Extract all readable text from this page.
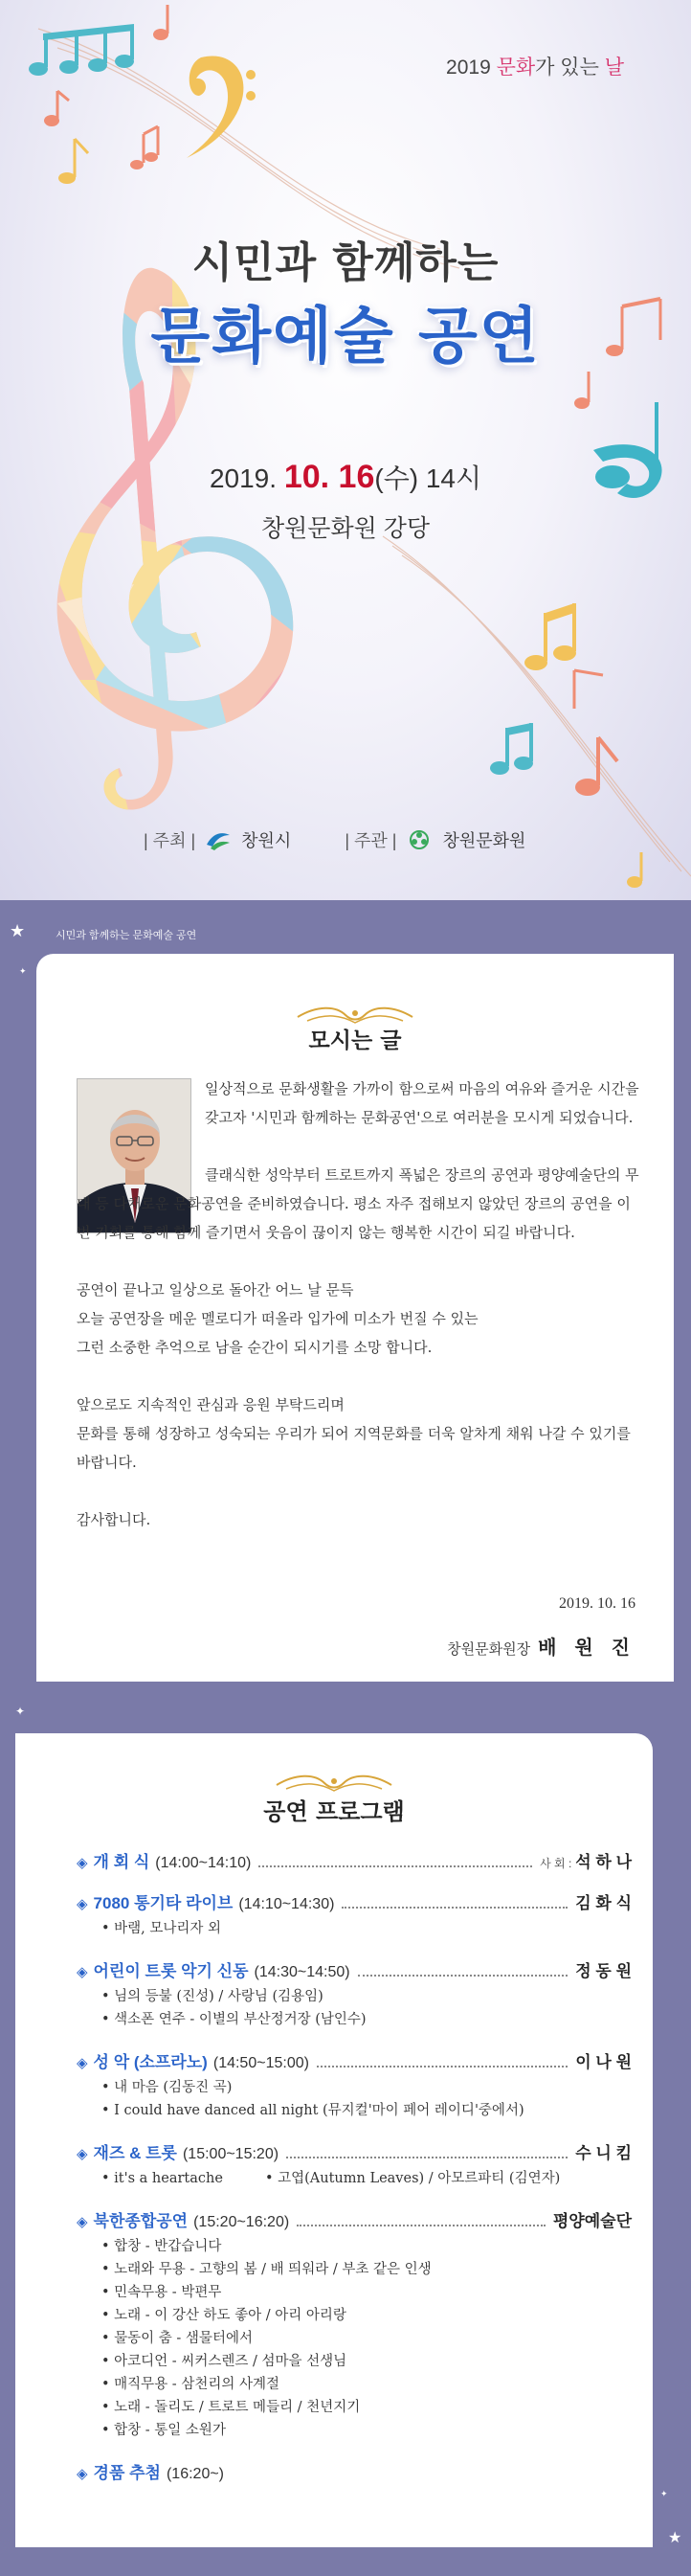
2019 문화가 있는 날
시민과 함께하는
문화예술 공연
2019. 10. 16(수) 14시
창원문화원 강당
| 주최 |	창원시	| 주관 |	창원문화원
★
✦
✦
★
✦
시민과 함께하는 문화예술 공연
모시는 글

일상적으로 문화생활을 가까이 함으로써 마음의 여유와 즐거운 시간을 갖고자 '시민과 함께하는 문화공연'으로 여러분을 모시게 되었습니다.

클래식한 성악부터 트로트까지 폭넓은 장르의 공연과 평양예술단의 무대 등 다채로운 문화공연을 준비하였습니다. 평소 자주 접해보지 않았던 장르의 공연을 이번 기회를 통해 함께 즐기면서 웃음이 끊이지 않는 행복한 시간이 되길 바랍니다.

공연이 끝나고 일상으로 돌아간 어느 날 문득
오늘 공연장을 메운 멜로디가 떠올라 입가에 미소가 번질 수 있는
그런 소중한 추억으로 남을 순간이 되시기를 소망 합니다.

앞으로도 지속적인 관심과 응원 부탁드리며
문화를 통해 성장하고 성숙되는 우리가 되어 지역문화를 더욱 알차게 채워 나갈 수 있기를 바랍니다.

감사합니다.

2019. 10. 16
창원문화원장 배 원 진
공연 프로그램
◈ 개 회 식 (14:00~14:10)	사 회 : 석 하 나
◈ 7080 통기타 라이브 (14:10~14:30)	김 화 식
• 바램, 모나리자 외
◈ 어린이 트롯 악기 신동 (14:30~14:50)	정 동 원
• 님의 등불 (진성) / 사랑님 (김용임)
• 색소폰 연주 - 이별의 부산정거장 (남인수)
◈ 성 악 (소프라노) (14:50~15:00)	이 나 원
• 내 마음 (김동진 곡)
• I could have danced all night (뮤지컬'마이 페어 레이디'중에서)
◈ 재즈 & 트롯 (15:00~15:20)	수 니 킴
• it's a heartache
•	고엽(Autumn Leaves) / 아모르파티 (김연자)
◈ 북한종합공연 (15:20~16:20)	평양예술단
• 합창 - 반갑습니다
• 노래와 무용 - 고향의 봄 / 배 띄워라 / 부초 같은 인생
• 민속무용 - 박편무
• 노래 - 이 강산 하도 좋아 / 아리 아리랑
• 물동이 춤 - 샘물터에서
• 아코디언 - 씨커스렌즈 / 섬마을 선생님
• 매직무용 - 삼천리의 사계절
• 노래 - 돌리도 / 트로트 메들리 / 천년지기
• 합창 - 통일 소원가
◈ 경품 추첨 (16:20~)
